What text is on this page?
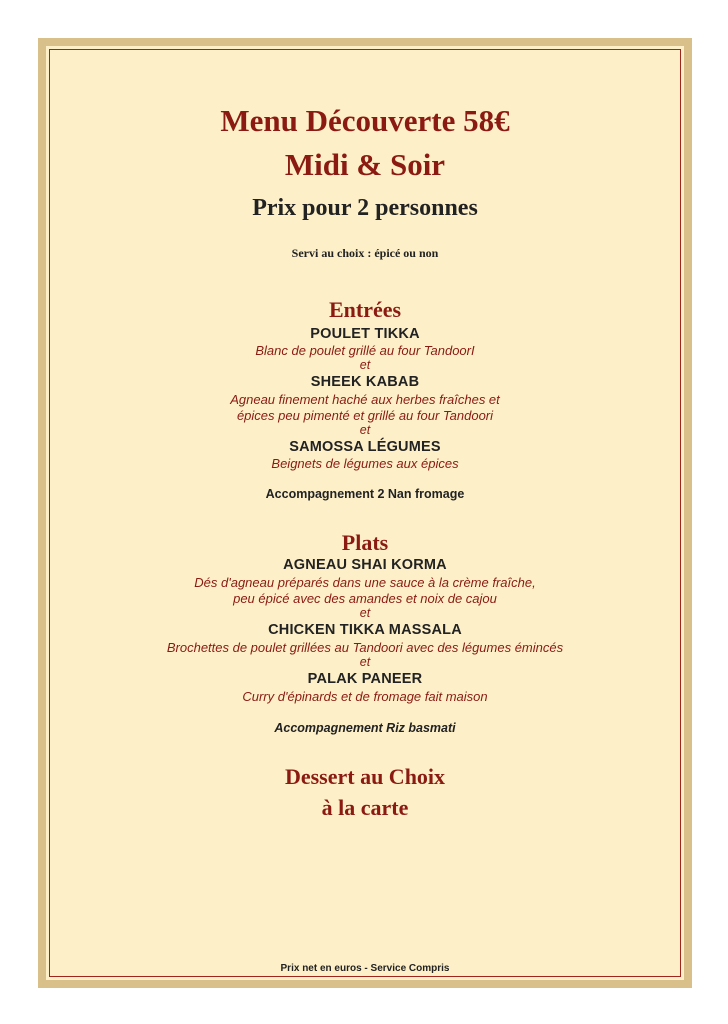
Menu Découverte 58€

Midi & Soir

Prix pour 2 personnes

Servi au choix : épicé ou non

Entrées

POULET TIKKA

Blanc de poulet grillé au four TandoorI

et

SHEEK KABAB

Agneau finement haché aux herbes fraîches et

épices peu pimenté et grillé au four Tandoori

et

SAMOSSA LÉGUMES

Beignets de légumes aux épices

Accompagnement 2 Nan fromage

Plats

AGNEAU SHAI KORMA

Dés d'agneau préparés dans une sauce à la crème fraîche,

peu épicé avec des amandes et noix de cajou

et

CHICKEN TIKKA MASSALA

Brochettes de poulet grillées au Tandoori avec des légumes émincés

et

PALAK PANEER

Curry d'épinards et de fromage fait maison

Accompagnement Riz basmati

Dessert au Choix

à la carte

Prix net en euros - Service Compris
